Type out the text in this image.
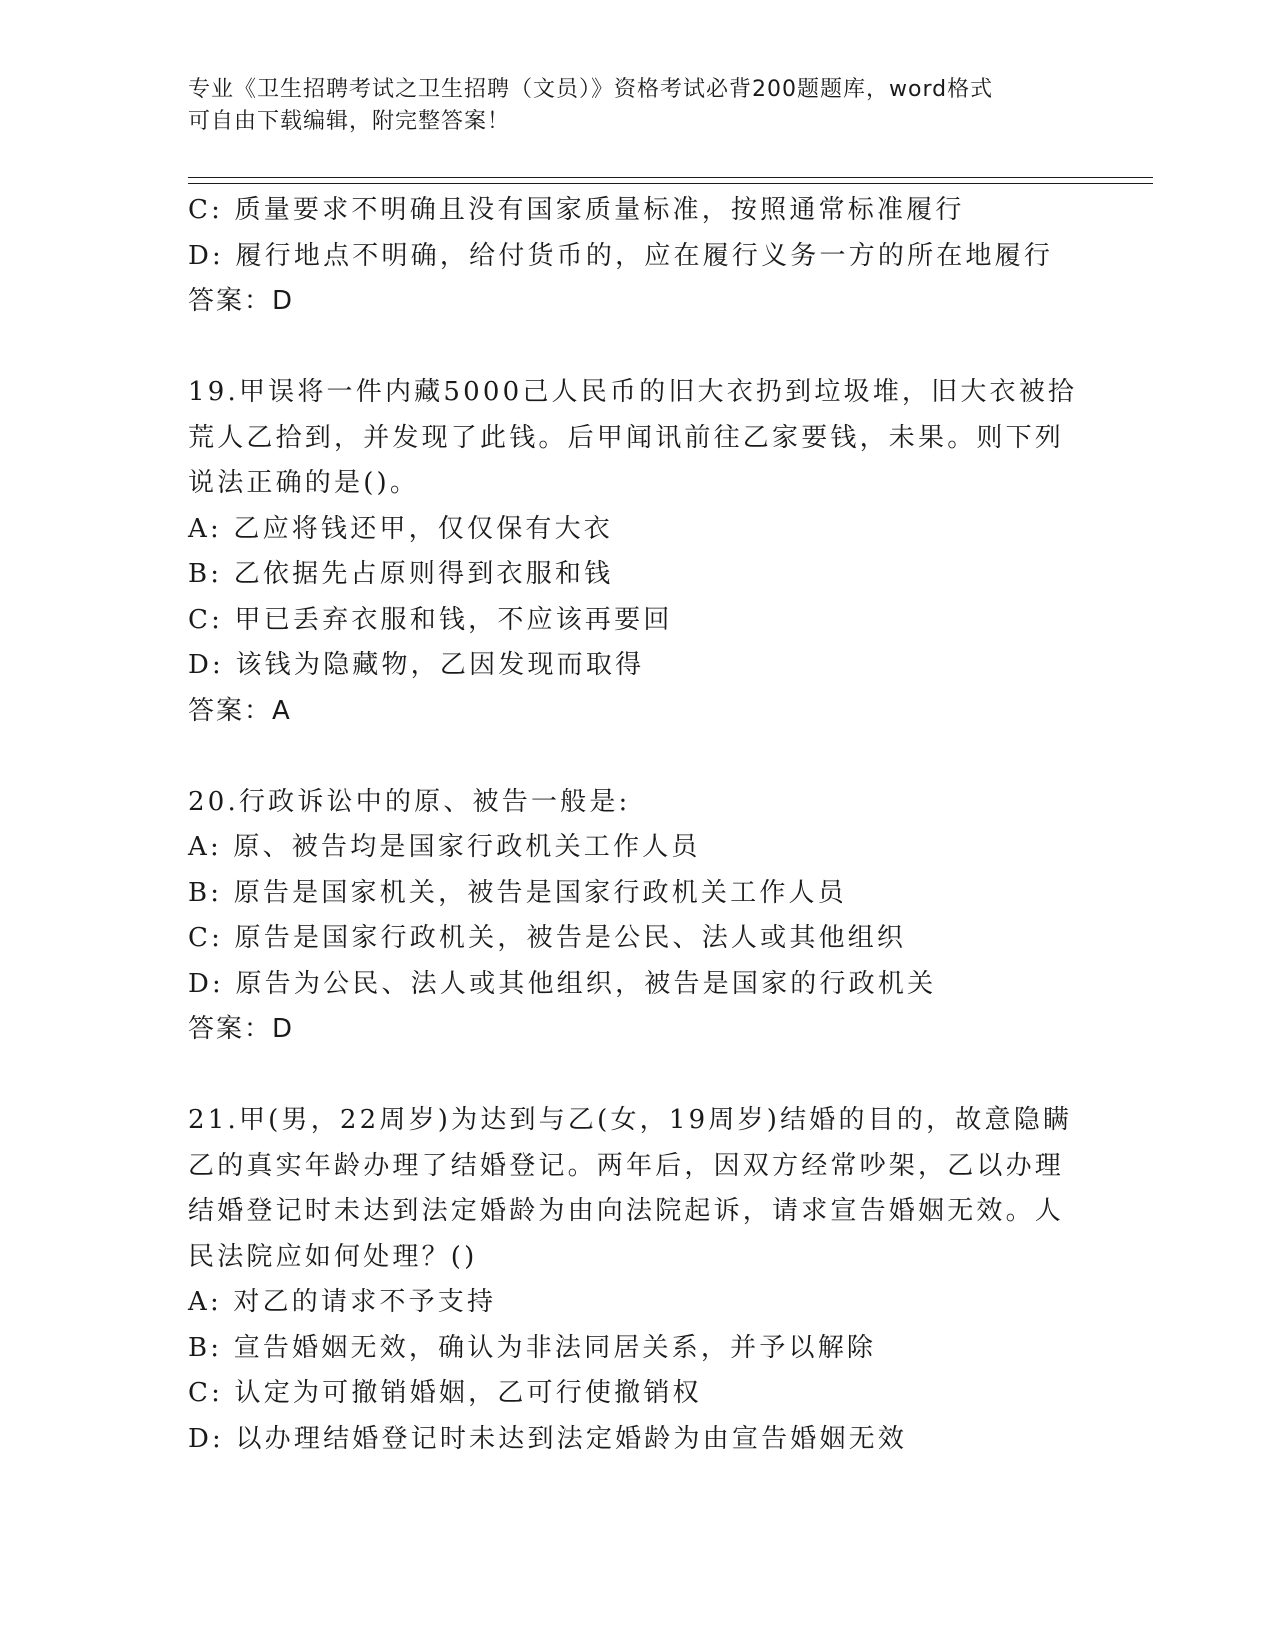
专业《卫生招聘考试之卫生招聘（文员）》资格考试必背200题题库，word格式
可自由下载编辑，附完整答案！
C: 质量要求不明确且没有国家质量标准，按照通常标准履行
D: 履行地点不明确，给付货币的，应在履行义务一方的所在地履行
答案：D
19.甲误将一件内藏5000己人民币的旧大衣扔到垃圾堆，旧大衣被拾
荒人乙拾到，并发现了此钱。后甲闻讯前往乙家要钱，未果。则下列
说法正确的是()。
A: 乙应将钱还甲，仅仅保有大衣
B: 乙依据先占原则得到衣服和钱
C: 甲已丢弃衣服和钱，不应该再要回
D: 该钱为隐藏物，乙因发现而取得
答案：A
20.行政诉讼中的原、被告一般是:
A: 原、被告均是国家行政机关工作人员
B: 原告是国家机关，被告是国家行政机关工作人员
C: 原告是国家行政机关，被告是公民、法人或其他组织
D: 原告为公民、法人或其他组织，被告是国家的行政机关
答案：D
21.甲(男，22周岁)为达到与乙(女，19周岁)结婚的目的，故意隐瞒
乙的真实年龄办理了结婚登记。两年后，因双方经常吵架，乙以办理
结婚登记时未达到法定婚龄为由向法院起诉，请求宣告婚姻无效。人
民法院应如何处理？()
A: 对乙的请求不予支持
B: 宣告婚姻无效，确认为非法同居关系，并予以解除
C: 认定为可撤销婚姻，乙可行使撤销权
D: 以办理结婚登记时未达到法定婚龄为由宣告婚姻无效
